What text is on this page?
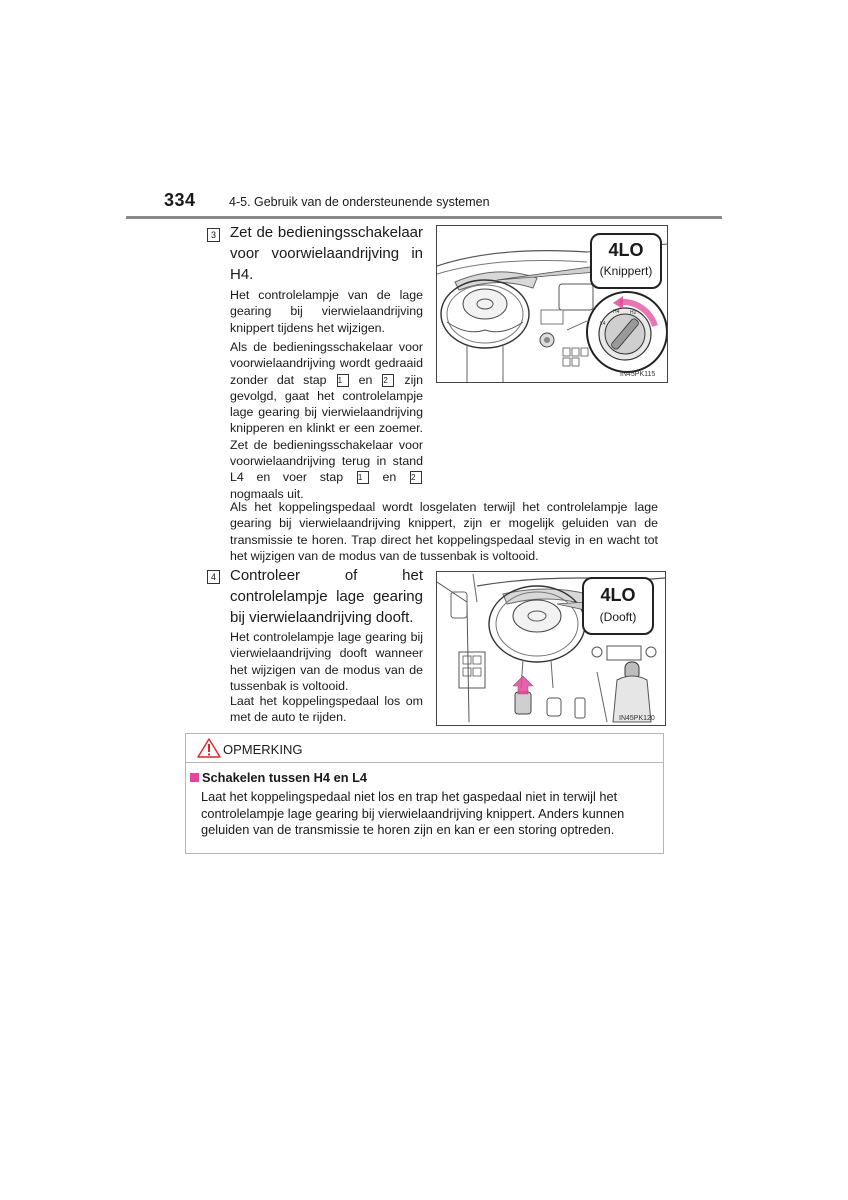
334	4-5. Gebruik van de ondersteunende systemen
3 Zet de bedieningsschakelaar voor voorwielaandrijving in H4.
Het controlelampje van de lage gearing bij vierwielaandrijving knippert tijdens het wijzigen.
Als de bedieningsschakelaar voor voorwielaandrijving wordt gedraaid zonder dat stap 1 en 2 zijn gevolgd, gaat het controlelampje lage gearing bij vierwielaandrijving knipperen en klinkt er een zoemer. Zet de bedieningsschakelaar voor voorwielaandrijving terug in stand L4 en voer stap 1 en 2 nogmaals uit.
Als het koppelingspedaal wordt losgelaten terwijl het controlelampje lage gearing bij vierwielaandrijving knippert, zijn er mogelijk geluiden van de transmissie te horen. Trap direct het koppelingspedaal stevig in en wacht tot het wijzigen van de modus van de tussenbak is voltooid.
4LO
(Knippert)
L4
H4 H2
IN45PK115
4 Controleer of het controlelampje lage gearing bij vierwielaandrijving dooft.
Het controlelampje lage gearing bij vierwielaandrijving dooft wanneer het wijzigen van de modus van de tussenbak is voltooid.
Laat het koppelingspedaal los om met de auto te rijden.
4LO
(Dooft)
IN45PK120
OPMERKING
Schakelen tussen H4 en L4
Laat het koppelingspedaal niet los en trap het gaspedaal niet in terwijl het controlelampje lage gearing bij vierwielaandrijving knippert. Anders kunnen geluiden van de transmissie te horen zijn en kan er een storing optreden.
